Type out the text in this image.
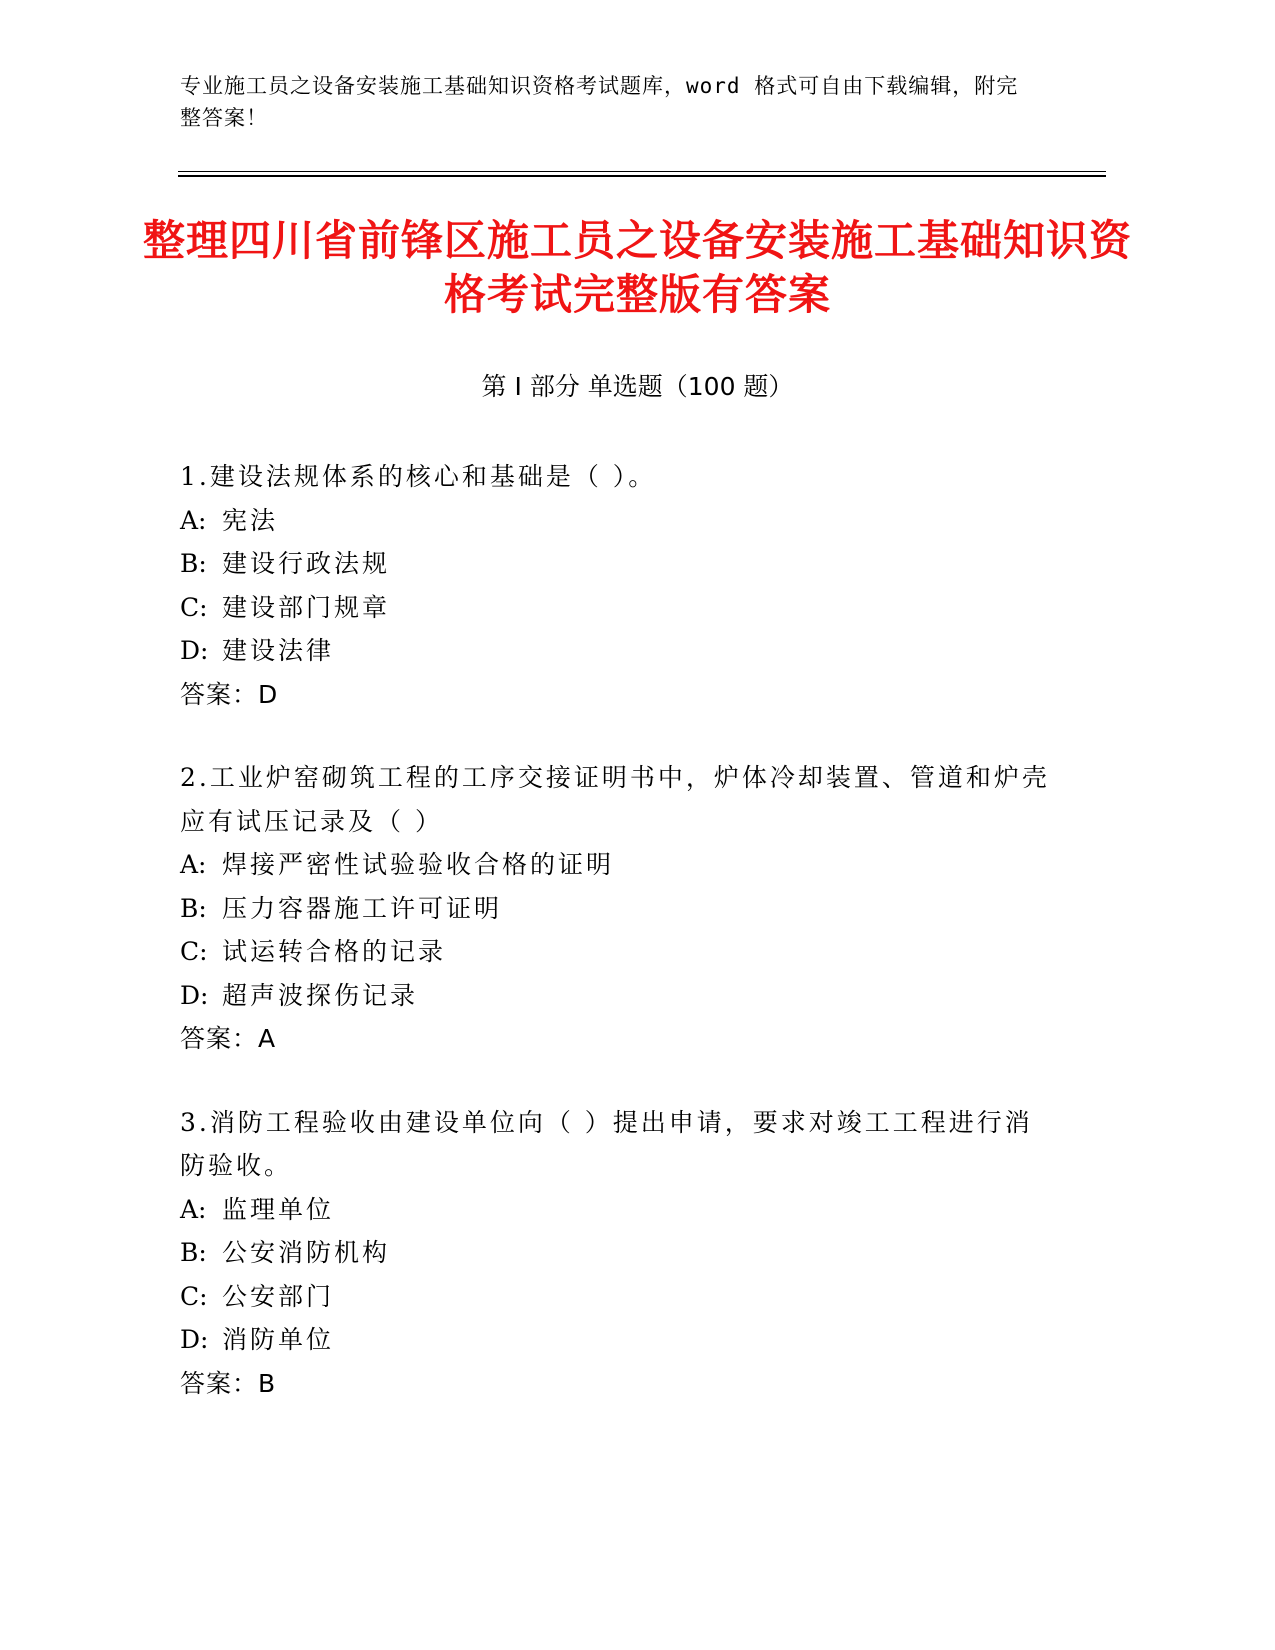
专业施工员之设备安装施工基础知识资格考试题库，word 格式可自由下载编辑，附完整答案！
整理四川省前锋区施工员之设备安装施工基础知识资格考试完整版有答案
第 I 部分 单选题（100 题）
1.建设法规体系的核心和基础是（ ）。
A: 宪法
B: 建设行政法规
C: 建设部门规章
D: 建设法律
答案：D
2.工业炉窑砌筑工程的工序交接证明书中，炉体冷却装置、管道和炉壳应有试压记录及（ ）
A: 焊接严密性试验验收合格的证明
B: 压力容器施工许可证明
C: 试运转合格的记录
D: 超声波探伤记录
答案：A
3.消防工程验收由建设单位向（ ）提出申请，要求对竣工工程进行消防验收。
A: 监理单位
B: 公安消防机构
C: 公安部门
D: 消防单位
答案：B
